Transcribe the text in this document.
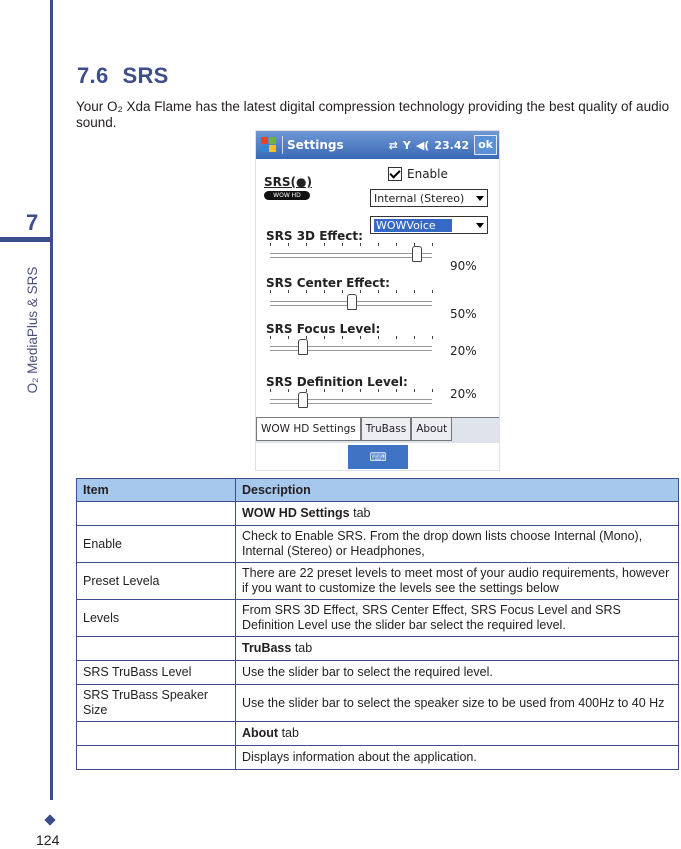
7
O₂ MediaPlus & SRS
124
7.6 SRS
Your O₂ Xda Flame has the latest digital compression technology providing the best quality of audio sound.
Settings	⇄ Y ◀( 23.42 ok
SRS(●)
WOW HD
Enable
Internal (Stereo)
WOWVoice
SRS 3D Effect:
90%
SRS Center Effect:
50%
SRS Focus Level:
20%
SRS Definition Level:
20%
WOW HD Settings TruBass About
⌨
Item	Description
	WOW HD Settings tab
Enable	Check to Enable SRS. From the drop down lists choose Internal (Mono), Internal (Stereo) or Headphones,
Preset Levela	There are 22 preset levels to meet most of your audio requirements, however if you want to customize the levels see the settings below
Levels	From SRS 3D Effect, SRS Center Effect, SRS Focus Level and SRS Definition Level use the slider bar select the required level.
	TruBass tab
SRS TruBass Level	Use the slider bar to select the required level.
SRS TruBass Speaker Size	Use the slider bar to select the speaker size to be used from 400Hz to 40 Hz
	About tab
	Displays information about the application.
